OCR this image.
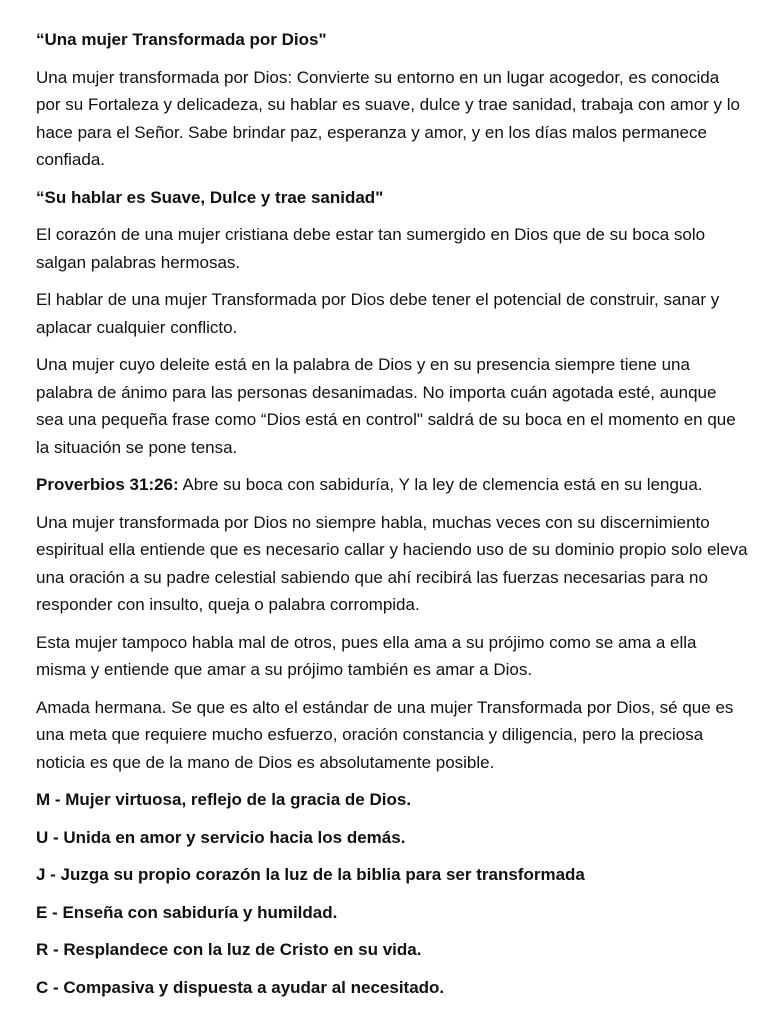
“Una mujer Transformada por Dios"

Una mujer transformada por Dios: Convierte su entorno en un lugar acogedor, es conocida por su Fortaleza y delicadeza, su hablar es suave, dulce y trae sanidad, trabaja con amor y lo hace para el Señor. Sabe brindar paz, esperanza y amor, y en los días malos permanece confiada.

“Su hablar es Suave, Dulce y trae sanidad"

El corazón de una mujer cristiana debe estar tan sumergido en Dios que de su boca solo salgan palabras hermosas.

El hablar de una mujer Transformada por Dios debe tener el potencial de construir, sanar y aplacar cualquier conflicto.

Una mujer cuyo deleite está en la palabra de Dios y en su presencia siempre tiene una palabra de ánimo para las personas desanimadas. No importa cuán agotada esté, aunque sea una pequeña frase como “Dios está en control" saldrá de su boca en el momento en que la situación se pone tensa.

Proverbios 31:26: Abre su boca con sabiduría, Y la ley de clemencia está en su lengua.

Una mujer transformada por Dios no siempre habla, muchas veces con su discernimiento espiritual ella entiende que es necesario callar y haciendo uso de su dominio propio solo eleva una oración a su padre celestial sabiendo que ahí recibirá las fuerzas necesarias para no responder con insulto, queja o palabra corrompida.

Esta mujer tampoco habla mal de otros, pues ella ama a su prójimo como se ama a ella misma y entiende que amar a su prójimo también es amar a Dios.

Amada hermana. Se que es alto el estándar de una mujer Transformada por Dios, sé que es una meta que requiere mucho esfuerzo, oración constancia y diligencia, pero la preciosa noticia es que de la mano de Dios es absolutamente posible.

M - Mujer virtuosa, reflejo de la gracia de Dios.

U - Unida en amor y servicio hacia los demás.

J - Juzga su propio corazón la luz de la biblia para ser transformada

E - Enseña con sabiduría y humildad.

R - Resplandece con la luz de Cristo en su vida.

C - Compasiva y dispuesta a ayudar al necesitado.
